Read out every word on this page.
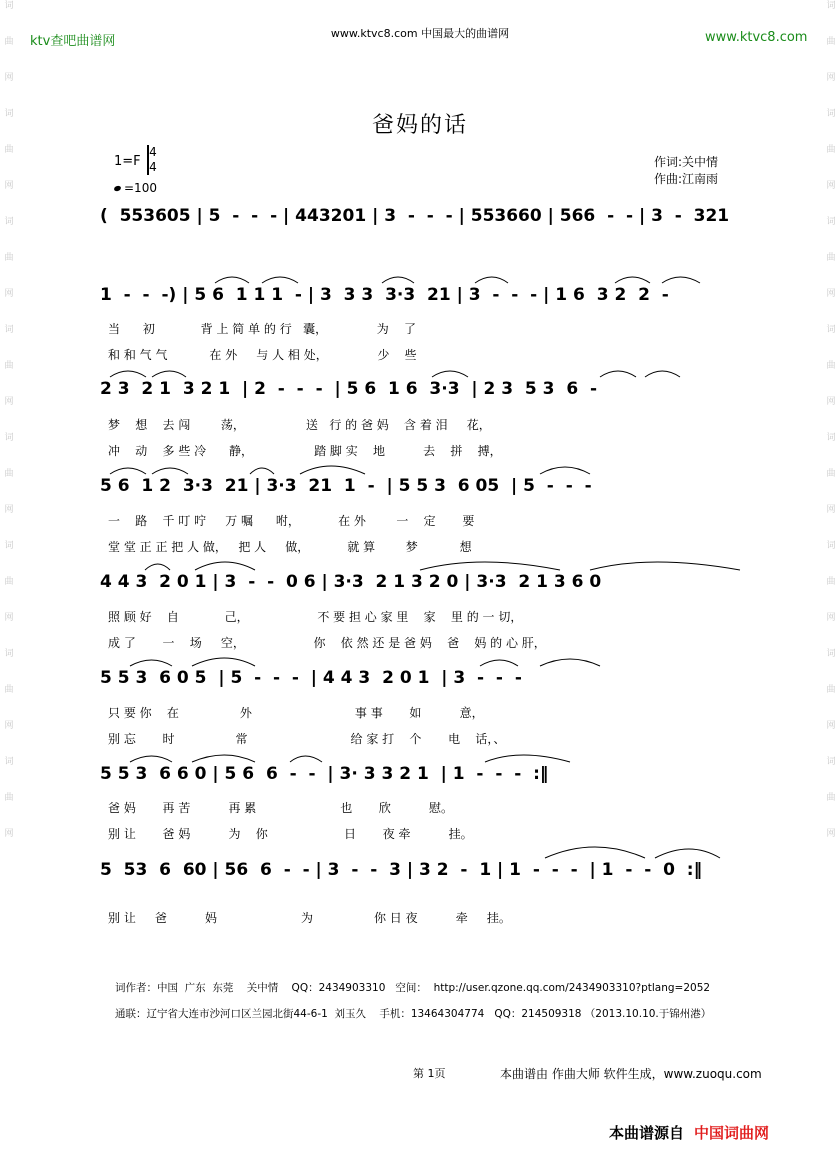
词
曲
网
词
曲
网
词
曲
网
词
曲
网
词
曲
网
词
曲
网
词
曲
网
词
曲
网
词
曲
网
词
曲
网
词
曲
网
词
曲
网
词
曲
网
词
曲
网
词
曲
网
词
曲
网
ktv查吧曲谱网
www.ktvc8.com 中国最大的曲谱网	www.ktvc8.com
爸妈的话
1=F
4
4
=100
作词:关中情
作曲:江南雨
(  553605 | 5  -  -  - | 443201 | 3  -  -  - | 553660 | 566  -  - | 3  -  321
1  -  -  -) | 5 6  1 1 1  - | 3  3 3  3·3  21 | 3  -  -  - | 1 6  3 2  2  -
当      初            背 上 简 单 的 行   囊，             为    了
和 和 气 气           在 外     与 人 相 处，             少    些
2 3  2 1  3 2 1  | 2  -  -  -  | 5 6  1 6  3·3  | 2 3  5 3  6  -
梦    想    去 闯        荡，                送   行 的 爸 妈    含 着 泪     花，
冲    动    多 些 冷      静，                踏 脚 实    地          去    拼    搏，
5 6  1 2  3·3  21 | 3·3  21  1  -  | 5 5 3  6 05  | 5  -  -  -
一    路    千 叮 咛     万 嘱      咐，          在 外        一    定       要
堂 堂 正 正 把 人 做，   把 人     做，          就 算        梦           想
4 4 3  2 0 1 | 3  -  -  0 6 | 3·3  2 1 3 2 0 | 3·3  2 1 3 6 0
照 顾 好    自            己，                  不 要 担 心 家 里    家    里 的 一 切，
成 了       一    场     空，                  你    依 然 还 是 爸 妈    爸    妈 的 心 肝，
5 5 3  6 0 5  | 5  -  -  -  | 4 4 3  2 0 1  | 3  -  -  -
只 要 你    在                外                           事 事       如          意，
别 忘       时                常                           给 家 打    个       电    话，、
5 5 3  6 6 0 | 5 6  6  -  -  | 3· 3 3 2 1  | 1  -  -  -  :‖
爸 妈       再 苦          再 累                      也       欣          慰。
别 让       爸 妈          为    你                    日       夜 牵          挂。
5  53  6  60 | 56  6  -  - | 3  -  -  3 | 3 2  -  1 | 1  -  -  -  | 1  -  -  0  :‖
别 让     爸          妈                      为                你 日 夜          牵     挂。
词作者：中国  广东  东莞    关中情    QQ：2434903310   空间：  http://user.qzone.qq.com/2434903310?ptlang=2052
通联：辽宁省大连市沙河口区兰园北街44-6-1  刘玉久    手机：13464304774   QQ：214509318 （2013.10.10.于锦州港）
第 1页	本曲谱由 作曲大师 软件生成，www.zuoqu.com
本曲谱源自 中国词曲网
